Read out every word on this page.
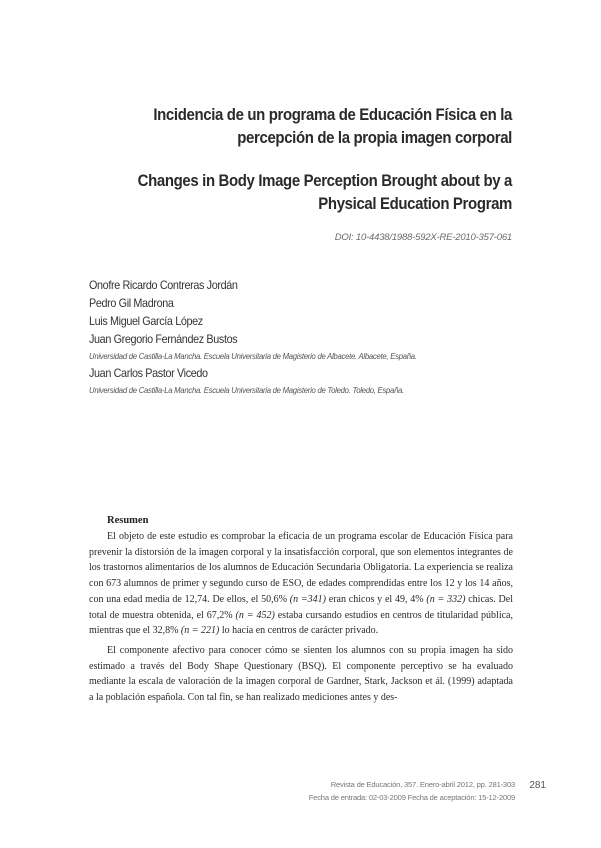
Incidencia de un programa de Educación Física en la
percepción de la propia imagen corporal
Changes in Body Image Perception Brought about by a
Physical Education Program
DOI: 10-4438/1988-592X-RE-2010-357-061
Onofre Ricardo Contreras Jordán
Pedro Gil Madrona
Luis Miguel García López
Juan Gregorio Fernández Bustos
Universidad de Castilla-La Mancha. Escuela Universitaria de Magisterio de Albacete. Albacete, España.
Juan Carlos Pastor Vicedo
Universidad de Castilla-La Mancha. Escuela Universitaria de Magisterio de Toledo. Toledo, España.
Resumen

El objeto de este estudio es comprobar la eficacia de un programa escolar de Educación Física para prevenir la distorsión de la imagen corporal y la insatisfacción corporal, que son elementos integrantes de los trastornos alimentarios de los alumnos de Educación Secundaria Obligatoria. La experiencia se realiza con 673 alumnos de primer y segundo curso de ESO, de edades comprendidas entre los 12 y los 14 años, con una edad media de 12,74. De ellos, el 50,6% (n =341) eran chicos y el 49, 4% (n = 332) chicas. Del total de muestra obtenida, el 67,2% (n = 452) estaba cursando estudios en centros de titularidad pública, mientras que el 32,8% (n = 221) lo hacía en centros de carácter privado.

El componente afectivo para conocer cómo se sienten los alumnos con su propia imagen ha sido estimado a través del Body Shape Questionary (BSQ). El componente perceptivo se ha evaluado mediante la escala de valoración de la imagen corporal de Gardner, Stark, Jackson et ál. (1999) adaptada a la población española. Con tal fin, se han realizado mediciones antes y des-

Revista de Educación, 357. Enero-abril 2012, pp. 281-303
Fecha de entrada: 02-03-2009 Fecha de aceptación: 15-12-2009
281
